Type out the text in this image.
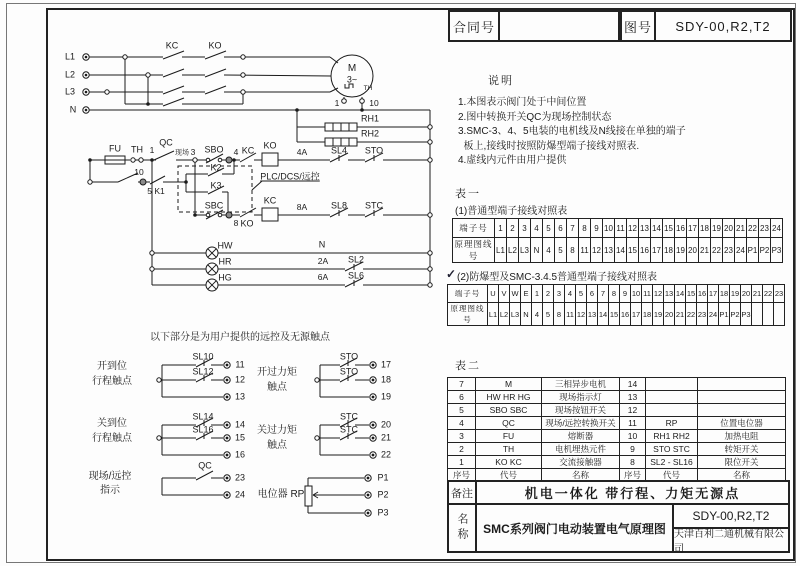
L1
L2
L3
N
KC	KO
M
3~
TH
1	10
RH1
RH2
FU TH 1
10
QC
现场 3 SBO 4 KC KO
4A	SL4 STO
K2
K3
5 K1
PLC/DCS/远控
SBC
8 KO
KC
8A	SL8 STC
HW	N
HR	2A SL2
HG	6A SL6
开到位
行程触点
SL10
11
SL12
12
13
开过力矩
触点
STO
17
STO
18
19
关到位
行程触点
SL14
14
SL16
15
16
关过力矩
触点
STC
20
STC
21
22
QC
现场/远控
指示
23
24 电位器 RP
P1
P2
P3
以下部分是为用户提供的远控及无源触点
合同号	图号	SDY-00,R2,T2
说明
1.本图表示阀门处于中间位置
2.图中转换开关QC为现场控制状态
3.SMC-3、4、5电装的电机线及N线接在单独的端子
板上,接线时按照防爆型端子接线对照表.
4.虚线内元件由用户提供
表一
(1)普通型端子接线对照表
端子号	1	2	3	4	5	6	7	8	9	10	11	12	13	14	15	16	17	18	19	20	21	22	23	24
原理图线号	L1	L2	L3	N	4	5	8	11	12	13	14	15	16	17	18	19	20	21	22	23	24	P1	P2	P3
✓ (2)防爆型及SMC-3.4.5普通型端子接线对照表
端子号	U	V	W	E	1	2	3	4	5	6	7	8	9	10	11	12	13	14	15	16	17	18	19	20	21	22	23
原理图线号	L1	L2	L3	N	4	5	8	11	12	13	14	15	16	17	18	19	20	21	22	23	24	P1	P2	P3			
表二
7	M	三相异步电机	14		
6	HW HR HG	现场指示灯	13		
5	SBO SBC	现场按钮开关	12		
4	QC	现场/远控转换开关	11	RP	位置电位器
3	FU	熔断器	10	RH1 RH2	加热电阻
2	TH	电机埋热元件	9	STO STC	转矩开关
1	KO KC	交流接触器	8	SL2 - SL16	限位开关
序号	代号	名称	序号	代号	名称
备注	机电一体化 带行程、力矩无源点
名称	SMC系列阀门电动装置电气原理图
SDY-00,R2,T2
天津百利二通机械有限公司
